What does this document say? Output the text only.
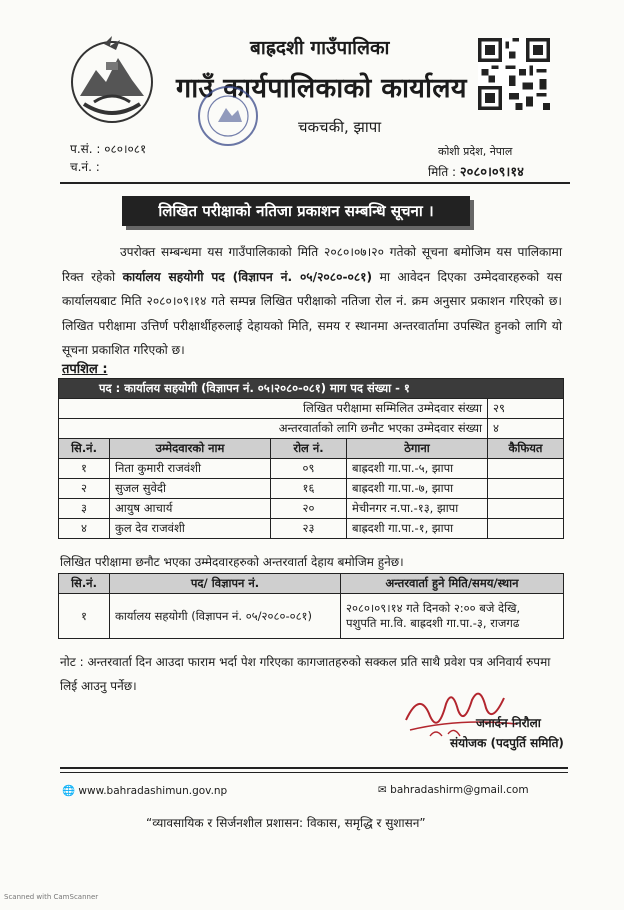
बाह्रदशी गाउँपालिका
गाउँ कार्यपालिकाको कार्यालय
चकचकी, झापा
प.सं. : ०८०।०८१
च.नं. :
कोशी प्रदेश, नेपाल
मिति : २०८०।०९।१४
लिखित परीक्षाको नतिजा प्रकाशन सम्बन्धि सूचना ।

उपरोक्त सम्बन्धमा यस गाउँपालिकाको मिति २०८०।०७।२० गतेको सूचना बमोजिम यस पालिकामा रिक्त रहेको कार्यालय सहयोगी पद (विज्ञापन नं. ०५/२०८०-०८१) मा आवेदन दिएका उम्मेदवारहरुको यस कार्यालयबाट मिति २०८०।०९।१४ गते सम्पन्न लिखित परीक्षाको नतिजा रोल नं. क्रम अनुसार प्रकाशन गरिएको छ। लिखित परीक्षामा उत्तिर्ण परीक्षार्थीहरुलाई देहायको मिति, समय र स्थानमा अन्तरवार्तामा उपस्थित हुनको लागि यो सूचना प्रकाशित गरिएको छ।

तपशिल :
पद : कार्यालय सहयोगी (विज्ञापन नं. ०५।२०८०-०८१) माग पद संख्या - १				
लिखित परीक्षामा सम्मिलित उम्मेदवार संख्या				२९
अन्तरवार्ताको लागि छनौट भएका उम्मेदवार संख्या				४
सि.नं.	उम्मेदवारको नाम	रोल नं.	ठेगाना	कैफियत
१	निता कुमारी राजवंशी	०९	बाह्रदशी गा.पा.-५, झापा	
२	सुजल सुवेदी	१६	बाह्रदशी गा.पा.-७, झापा	
३	आयुष आचार्य	२०	मेचीनगर न.पा.-१३, झापा	
४	कुल देव राजवंशी	२३	बाह्रदशी गा.पा.-१, झापा	
लिखित परीक्षामा छनौट भएका उम्मेदवारहरुको अन्तरवार्ता देहाय बमोजिम हुनेछ।
सि.नं.	पद/ विज्ञापन नं.	अन्तरवार्ता हुने मिति/समय/स्थान
१	कार्यालय सहयोगी (विज्ञापन नं. ०५/२०८०-०८१)	२०८०।०९।१४ गते दिनको २:०० बजे देखि,
पशुपति मा.वि. बाह्रदशी गा.पा.-३, राजगढ
नोट : अन्तरवार्ता दिन आउदा फाराम भर्दा पेश गरिएका कागजातहरुको सक्कल प्रति साथै प्रवेश पत्र अनिवार्य रुपमा लिई आउनु पर्नेछ।
जनार्दन निरौला
संयोजक (पदपुर्ति समिति)
🌐 www.bahradashimun.gov.np	✉ bahradashirm@gmail.com
“व्यावसायिक र सिर्जनशील प्रशासन: विकास, समृद्धि र सुशासन”
Scanned with CamScanner
